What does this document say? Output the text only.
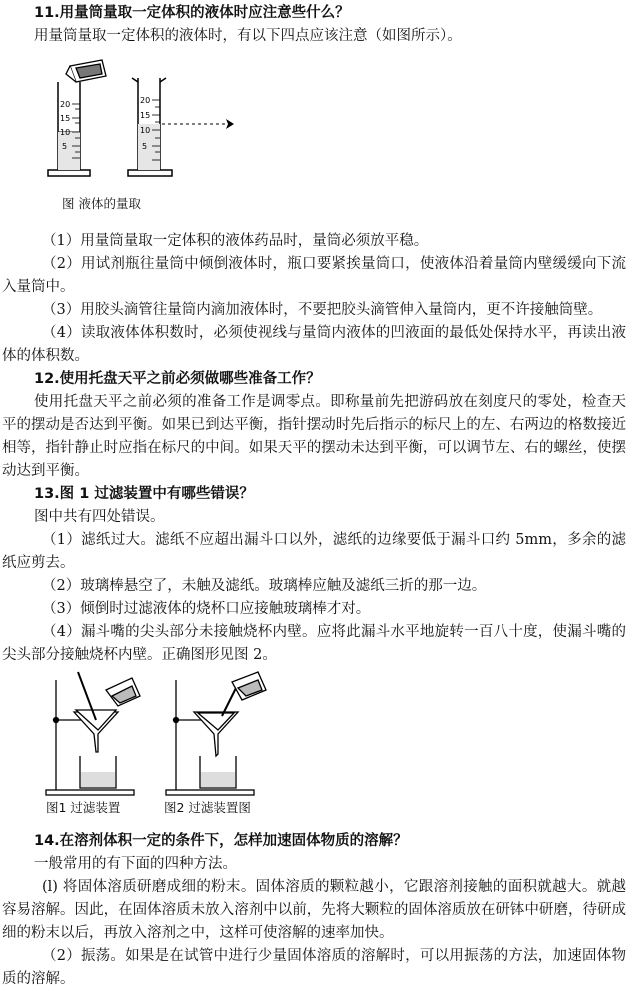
11.用量筒量取一定体积的液体时应注意些什么？
用量筒量取一定体积的液体时，有以下四点应该注意（如图所示）。
20
15
10
5
20
15
10
5
图 液体的量取
（1）用量筒量取一定体积的液体药品时，量筒必须放平稳。
（2）用试剂瓶往量筒中倾倒液体时，瓶口要紧挨量筒口，使液体沿着量筒内壁缓缓向下流入量筒中。
（3）用胶头滴管往量筒内滴加液体时，不要把胶头滴管伸入量筒内，更不许接触筒壁。
（4）读取液体体积数时，必须使视线与量筒内液体的凹液面的最低处保持水平，再读出液体的体积数。
12.使用托盘天平之前必须做哪些准备工作？
使用托盘天平之前必须的准备工作是调零点。即称量前先把游码放在刻度尺的零处，检查天平的摆动是否达到平衡。如果已到达平衡，指针摆动时先后指示的标尺上的左、右两边的格数接近相等，指针静止时应指在标尺的中间。如果天平的摆动未达到平衡，可以调节左、右的螺丝，使摆动达到平衡。
13.图 1 过滤装置中有哪些错误？
图中共有四处错误。
（1）滤纸过大。滤纸不应超出漏斗口以外，滤纸的边缘要低于漏斗口约 5mm，多余的滤纸应剪去。
（2）玻璃棒悬空了，未触及滤纸。玻璃棒应触及滤纸三折的那一边。
（3）倾倒时过滤液体的烧杯口应接触玻璃棒才对。
（4）漏斗嘴的尖头部分未接触烧杯内壁。应将此漏斗水平地旋转一百八十度，使漏斗嘴的尖头部分接触烧杯内壁。正确图形见图 2。
图1 过滤装置	图2 过滤装置图
14.在溶剂体积一定的条件下，怎样加速固体物质的溶解？
一般常用的有下面的四种方法。
(l) 将固体溶质研磨成细的粉末。固体溶质的颗粒越小，它跟溶剂接触的面积就越大。就越容易溶解。因此，在固体溶质未放入溶剂中以前，先将大颗粒的固体溶质放在研钵中研磨，待研成细的粉末以后，再放入溶剂之中，这样可使溶解的速率加快。
（2）振荡。如果是在试管中进行少量固体溶质的溶解时，可以用振荡的方法，加速固体物质的溶解。
